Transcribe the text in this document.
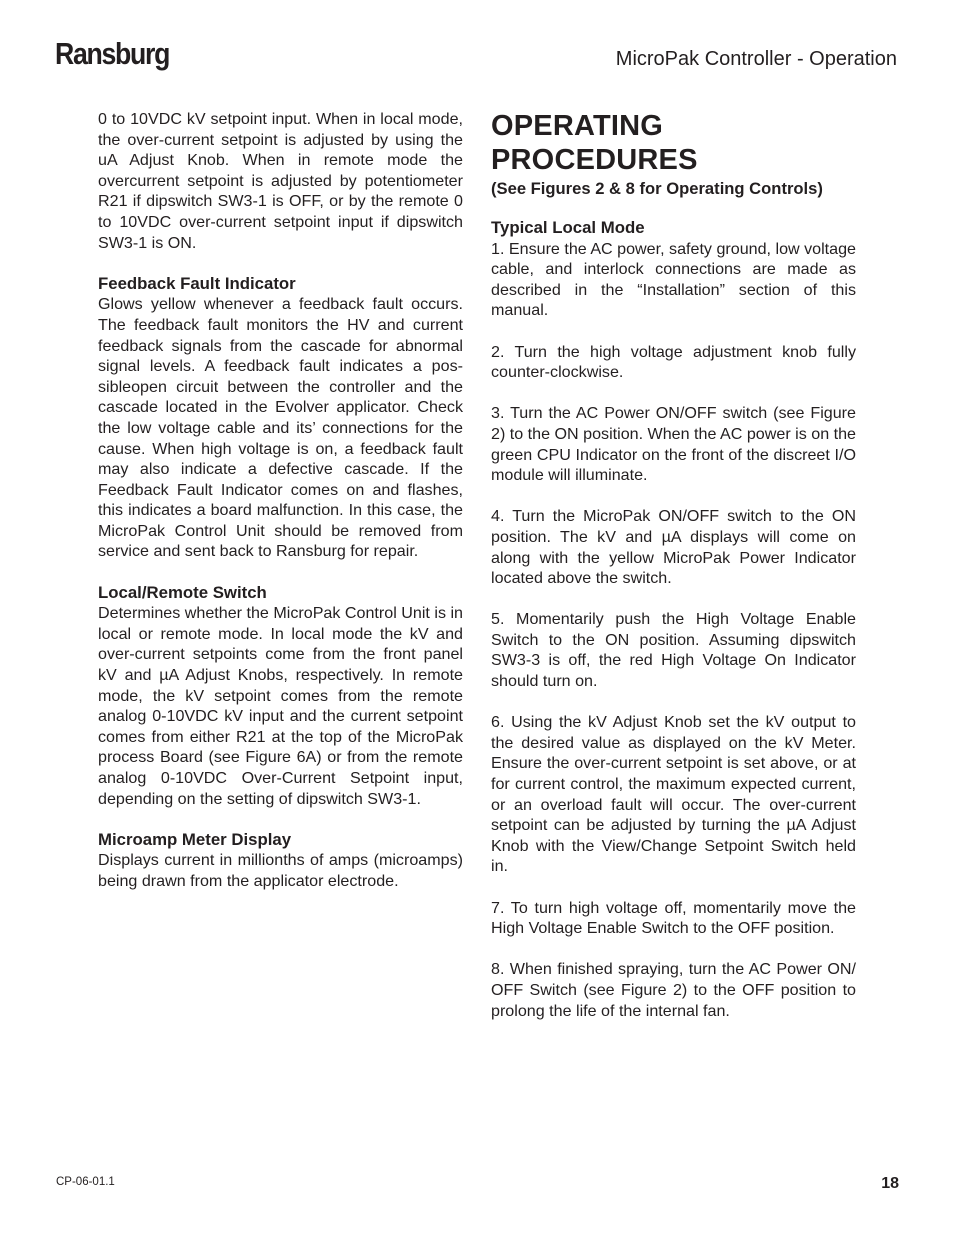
Ransburg	MicroPak Controller - Operation

0 to 10VDC kV setpoint input. When in local mode, the over-current setpoint is adjusted by using the uA Adjust Knob. When in remote mode the overcurrent setpoint is adjusted by potentiometer R21 if dipswitch SW3-1 is OFF, or by the remote 0 to 10VDC over-current setpoint input if dipswitch SW3-1 is ON.

Feedback Fault Indicator

Glows yellow whenever a feedback fault occurs. The feedback fault monitors the HV and current feedback signals from the cascade for abnormal signal levels. A feedback fault indicates a possibleopen circuit between the controller and the cascade located in the Evolver applicator. Check the low voltage cable and its’ connections for the cause. When high voltage is on, a feedback fault may also indicate a defective cascade. If the Feedback Fault Indicator comes on and flashes, this indicates a board malfunction. In this case, the MicroPak Control Unit should be removed from service and sent back to Ransburg for repair.

Local/Remote Switch

Determines whether the MicroPak Control Unit is in local or remote mode. In local mode the kV and over-current setpoints come from the front panel kV and µA Adjust Knobs, respectively. In remote mode, the kV setpoint comes from the remote analog 0-10VDC kV input and the current setpoint comes from either R21 at the top of the MicroPak process Board (see Figure 6A) or from the remote analog 0-10VDC Over-Current Setpoint input, depending on the setting of dipswitch SW3-1.

Microamp Meter Display

Displays current in millionths of amps (microamps) being drawn from the applicator electrode.

OPERATING

PROCEDURES

(See Figures 2 & 8 for Operating Controls)

Typical Local Mode

1. Ensure the AC power, safety ground, low voltage cable, and interlock connections are made as described in the “Installation” section of this manual.

2. Turn the high voltage adjustment knob fully counter-clockwise.

3. Turn the AC Power ON/OFF switch (see Figure 2) to the ON position. When the AC power is on the green CPU Indicator on the front of the discreet I/O module will illuminate.

4. Turn the MicroPak ON/OFF switch to the ON position. The kV and µA displays will come on along with the yellow MicroPak Power Indicator located above the switch.

5. Momentarily push the High Voltage Enable Switch to the ON position. Assuming dipswitch SW3-3 is off, the red High Voltage On Indicator should turn on.

6. Using the kV Adjust Knob set the kV output to the desired value as displayed on the kV Meter. Ensure the over-current setpoint is set above, or at for current control, the maximum expected current, or an overload fault will occur. The over-current setpoint can be adjusted by turning the µA Adjust Knob with the View/Change Setpoint Switch held in.

7. To turn high voltage off, momentarily move the High Voltage Enable Switch to the OFF position.

8. When finished spraying, turn the AC Power ON/ OFF Switch (see Figure 2) to the OFF position to prolong the life of the internal fan.

CP-06-01.1	18
